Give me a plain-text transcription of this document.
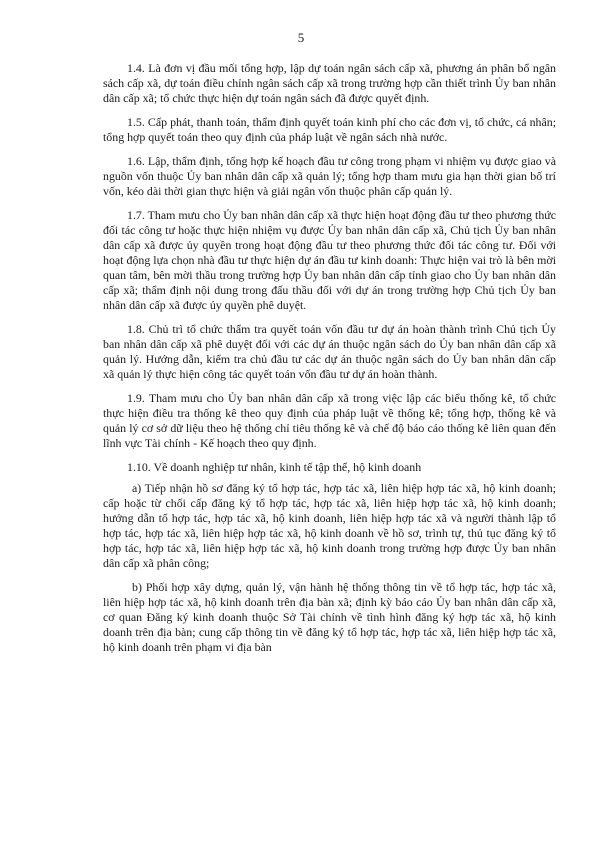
5

1.4. Là đơn vị đầu mối tổng hợp, lập dự toán ngân sách cấp xã, phương án phân bổ ngân sách cấp xã, dự toán điều chỉnh ngân sách cấp xã trong trường hợp cần thiết trình Ủy ban nhân dân cấp xã; tổ chức thực hiện dự toán ngân sách đã được quyết định.

1.5. Cấp phát, thanh toán, thẩm định quyết toán kinh phí cho các đơn vị, tổ chức, cá nhân; tổng hợp quyết toán theo quy định của pháp luật về ngân sách nhà nước.

1.6. Lập, thẩm định, tổng hợp kế hoạch đầu tư công trong phạm vi nhiệm vụ được giao và nguồn vốn thuộc Ủy ban nhân dân cấp xã quản lý; tổng hợp tham mưu gia hạn thời gian bố trí vốn, kéo dài thời gian thực hiện và giải ngân vốn thuộc phân cấp quản lý.

1.7. Tham mưu cho Ủy ban nhân dân cấp xã thực hiện hoạt động đầu tư theo phương thức đối tác công tư hoặc thực hiện nhiệm vụ được Ủy ban nhân dân cấp xã, Chủ tịch Ủy ban nhân dân cấp xã được ủy quyền trong hoạt động đầu tư theo phương thức đối tác công tư. Đối với hoạt động lựa chọn nhà đầu tư thực hiện dự án đầu tư kinh doanh: Thực hiện vai trò là bên mời quan tâm, bên mời thầu trong trường hợp Ủy ban nhân dân cấp tỉnh giao cho Ủy ban nhân dân cấp xã; thẩm định nội dung trong đấu thầu đối với dự án trong trường hợp Chủ tịch Ủy ban nhân dân cấp xã được ủy quyền phê duyệt.

1.8. Chủ trì tổ chức thẩm tra quyết toán vốn đầu tư dự án hoàn thành trình Chủ tịch Ủy ban nhân dân cấp xã phê duyệt đối với các dự án thuộc ngân sách do Ủy ban nhân dân cấp xã quản lý. Hướng dẫn, kiểm tra chủ đầu tư các dự án thuộc ngân sách do Ủy ban nhân dân cấp xã quản lý thực hiện công tác quyết toán vốn đầu tư dự án hoàn thành.

1.9. Tham mưu cho Ủy ban nhân dân cấp xã trong việc lập các biểu thống kê, tổ chức thực hiện điều tra thống kê theo quy định của pháp luật về thống kê; tổng hợp, thống kê và quản lý cơ sở dữ liệu theo hệ thống chỉ tiêu thống kê và chế độ báo cáo thống kê liên quan đến lĩnh vực Tài chính - Kế hoạch theo quy định.

1.10. Về doanh nghiệp tư nhân, kinh tế tập thể, hộ kinh doanh

a) Tiếp nhận hồ sơ đăng ký tổ hợp tác, hợp tác xã, liên hiệp hợp tác xã, hộ kinh doanh; cấp hoặc từ chối cấp đăng ký tổ hợp tác, hợp tác xã, liên hiệp hợp tác xã, hộ kinh doanh; hướng dẫn tổ hợp tác, hợp tác xã, hộ kinh doanh, liên hiệp hợp tác xã và người thành lập tổ hợp tác, hợp tác xã, liên hiệp hợp tác xã, hộ kinh doanh về hồ sơ, trình tự, thủ tục đăng ký tổ hợp tác, hợp tác xã, liên hiệp hợp tác xã, hộ kinh doanh trong trường hợp được Ủy ban nhân dân cấp xã phân công;

b) Phối hợp xây dựng, quản lý, vận hành hệ thống thông tin về tổ hợp tác, hợp tác xã, liên hiệp hợp tác xã, hộ kinh doanh trên địa bàn xã; định kỳ báo cáo Ủy ban nhân dân cấp xã, cơ quan Đăng ký kinh doanh thuộc Sở Tài chính về tình hình đăng ký hợp tác xã, hộ kinh doanh trên địa bàn; cung cấp thông tin về đăng ký tổ hợp tác, hợp tác xã, liên hiệp hợp tác xã, hộ kinh doanh trên phạm vi địa bàn
